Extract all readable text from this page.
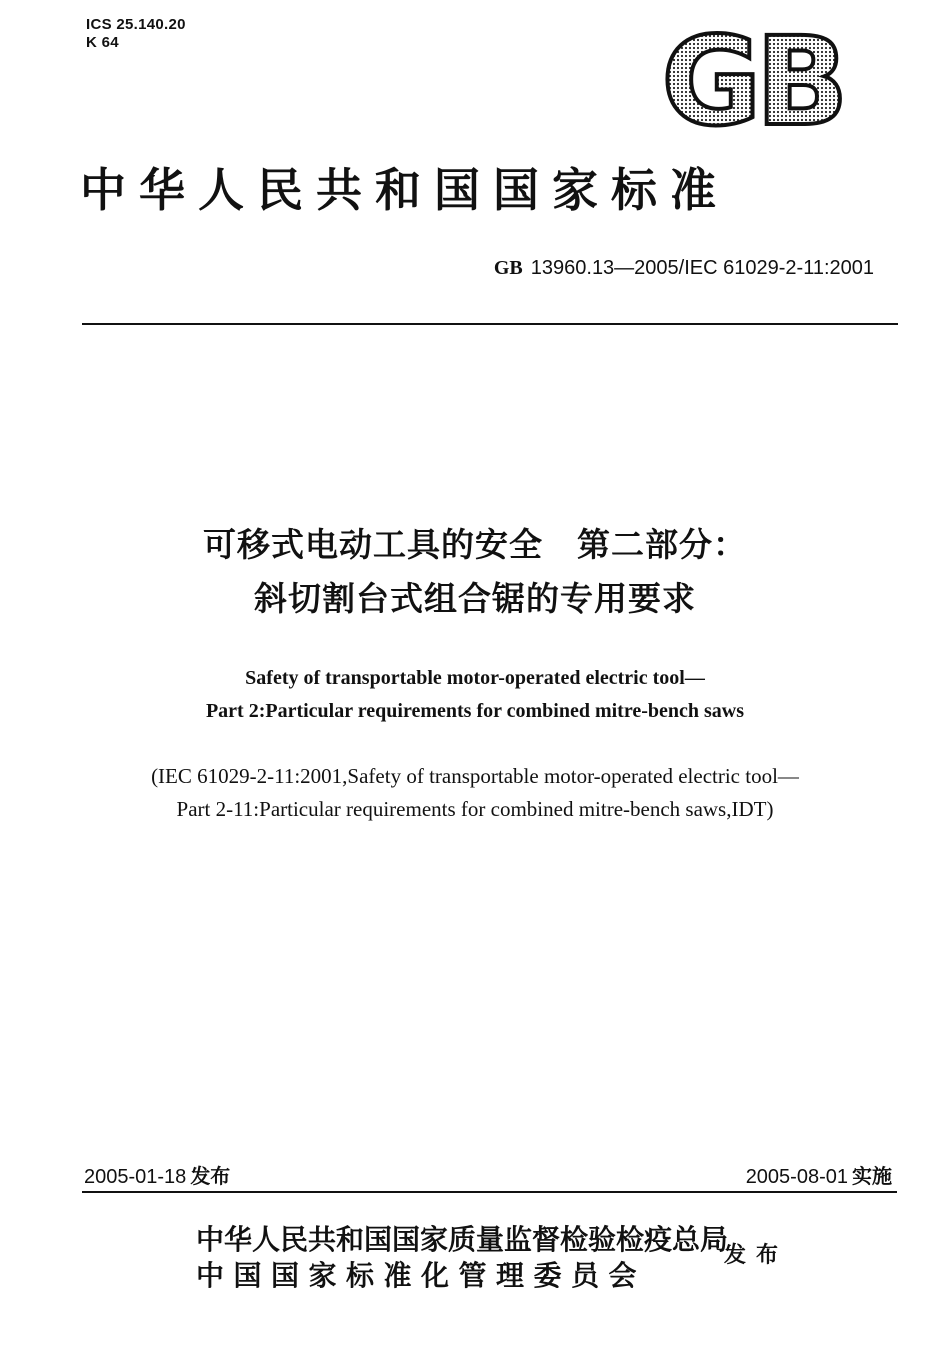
ICS 25.140.20
K 64	GB
中华人民共和国国家标准
GB 13960.13—2005/IEC 61029-2-11:2001
可移式电动工具的安全　第二部分：
斜切割台式组合锯的专用要求
Safety of transportable motor-operated electric tool—
Part 2:Particular requirements for combined mitre-bench saws
(IEC 61029-2-11:2001,Safety of transportable motor-operated electric tool—
Part 2-11:Particular requirements for combined mitre-bench saws,IDT)
2005-01-18 发布	2005-08-01 实施
中华人民共和国国家质量监督检验检疫总局
中国国家标准化管理委员会
发布
